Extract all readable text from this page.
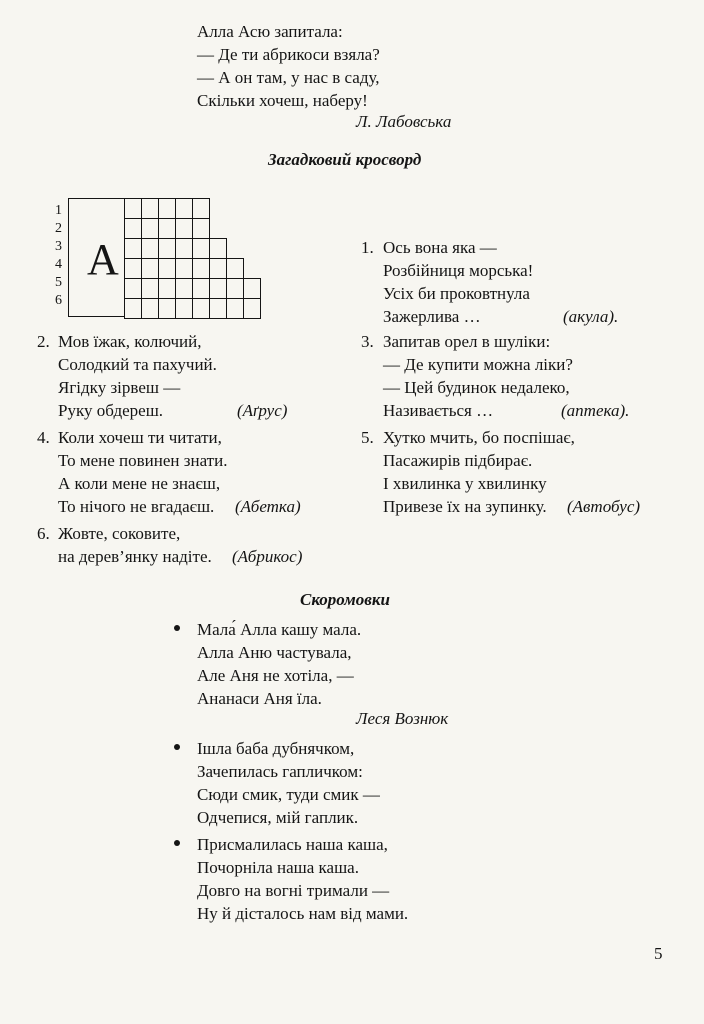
Алла Асю запитала:
— Де ти абрикоси взяла?
— А он там, у нас в саду,
Скільки хочеш, наберу!
Л. Лабовська
Загадковий кросворд
1
2
3
4
5
6
А	1. Ось вона яка —
Розбійниця морська!
Усіх би проковтнула
Зажерлива …	(акула).
2. Мов їжак, колючий,
Солодкий та пахучий.
Ягідку зірвеш —
Руку обдереш.	(Аґрус)
3. Запитав орел в шуліки:
— Де купити можна ліки?
— Цей будинок недалеко,
Називається …	(аптека).
4. Коли хочеш ти читати,
То мене повинен знати.
А коли мене не знаєш,
То нічого не вгадаєш.	(Абетка)
5. Хутко мчить, бо поспішає,
Пасажирів підбирає.
І хвилинка у хвилинку
Привезе їх на зупинку.	(Автобус)
6. Жовте, соковите,
на дерев’янку надіте. (Абрикос)
Скоромовки
Мала́ Алла кашу мала.
Алла Аню частувала,
Але Аня не хотіла, —
Ананаси Аня їла.
Леся Вознюк
Ішла баба дубнячком,
Зачепилась гапличком:
Сюди смик, туди смик —
Одчепися, мій гаплик.
Присмалилась наша каша,
Почорніла наша каша.
Довго на вогні тримали —
Ну й дісталось нам від мами.
5
